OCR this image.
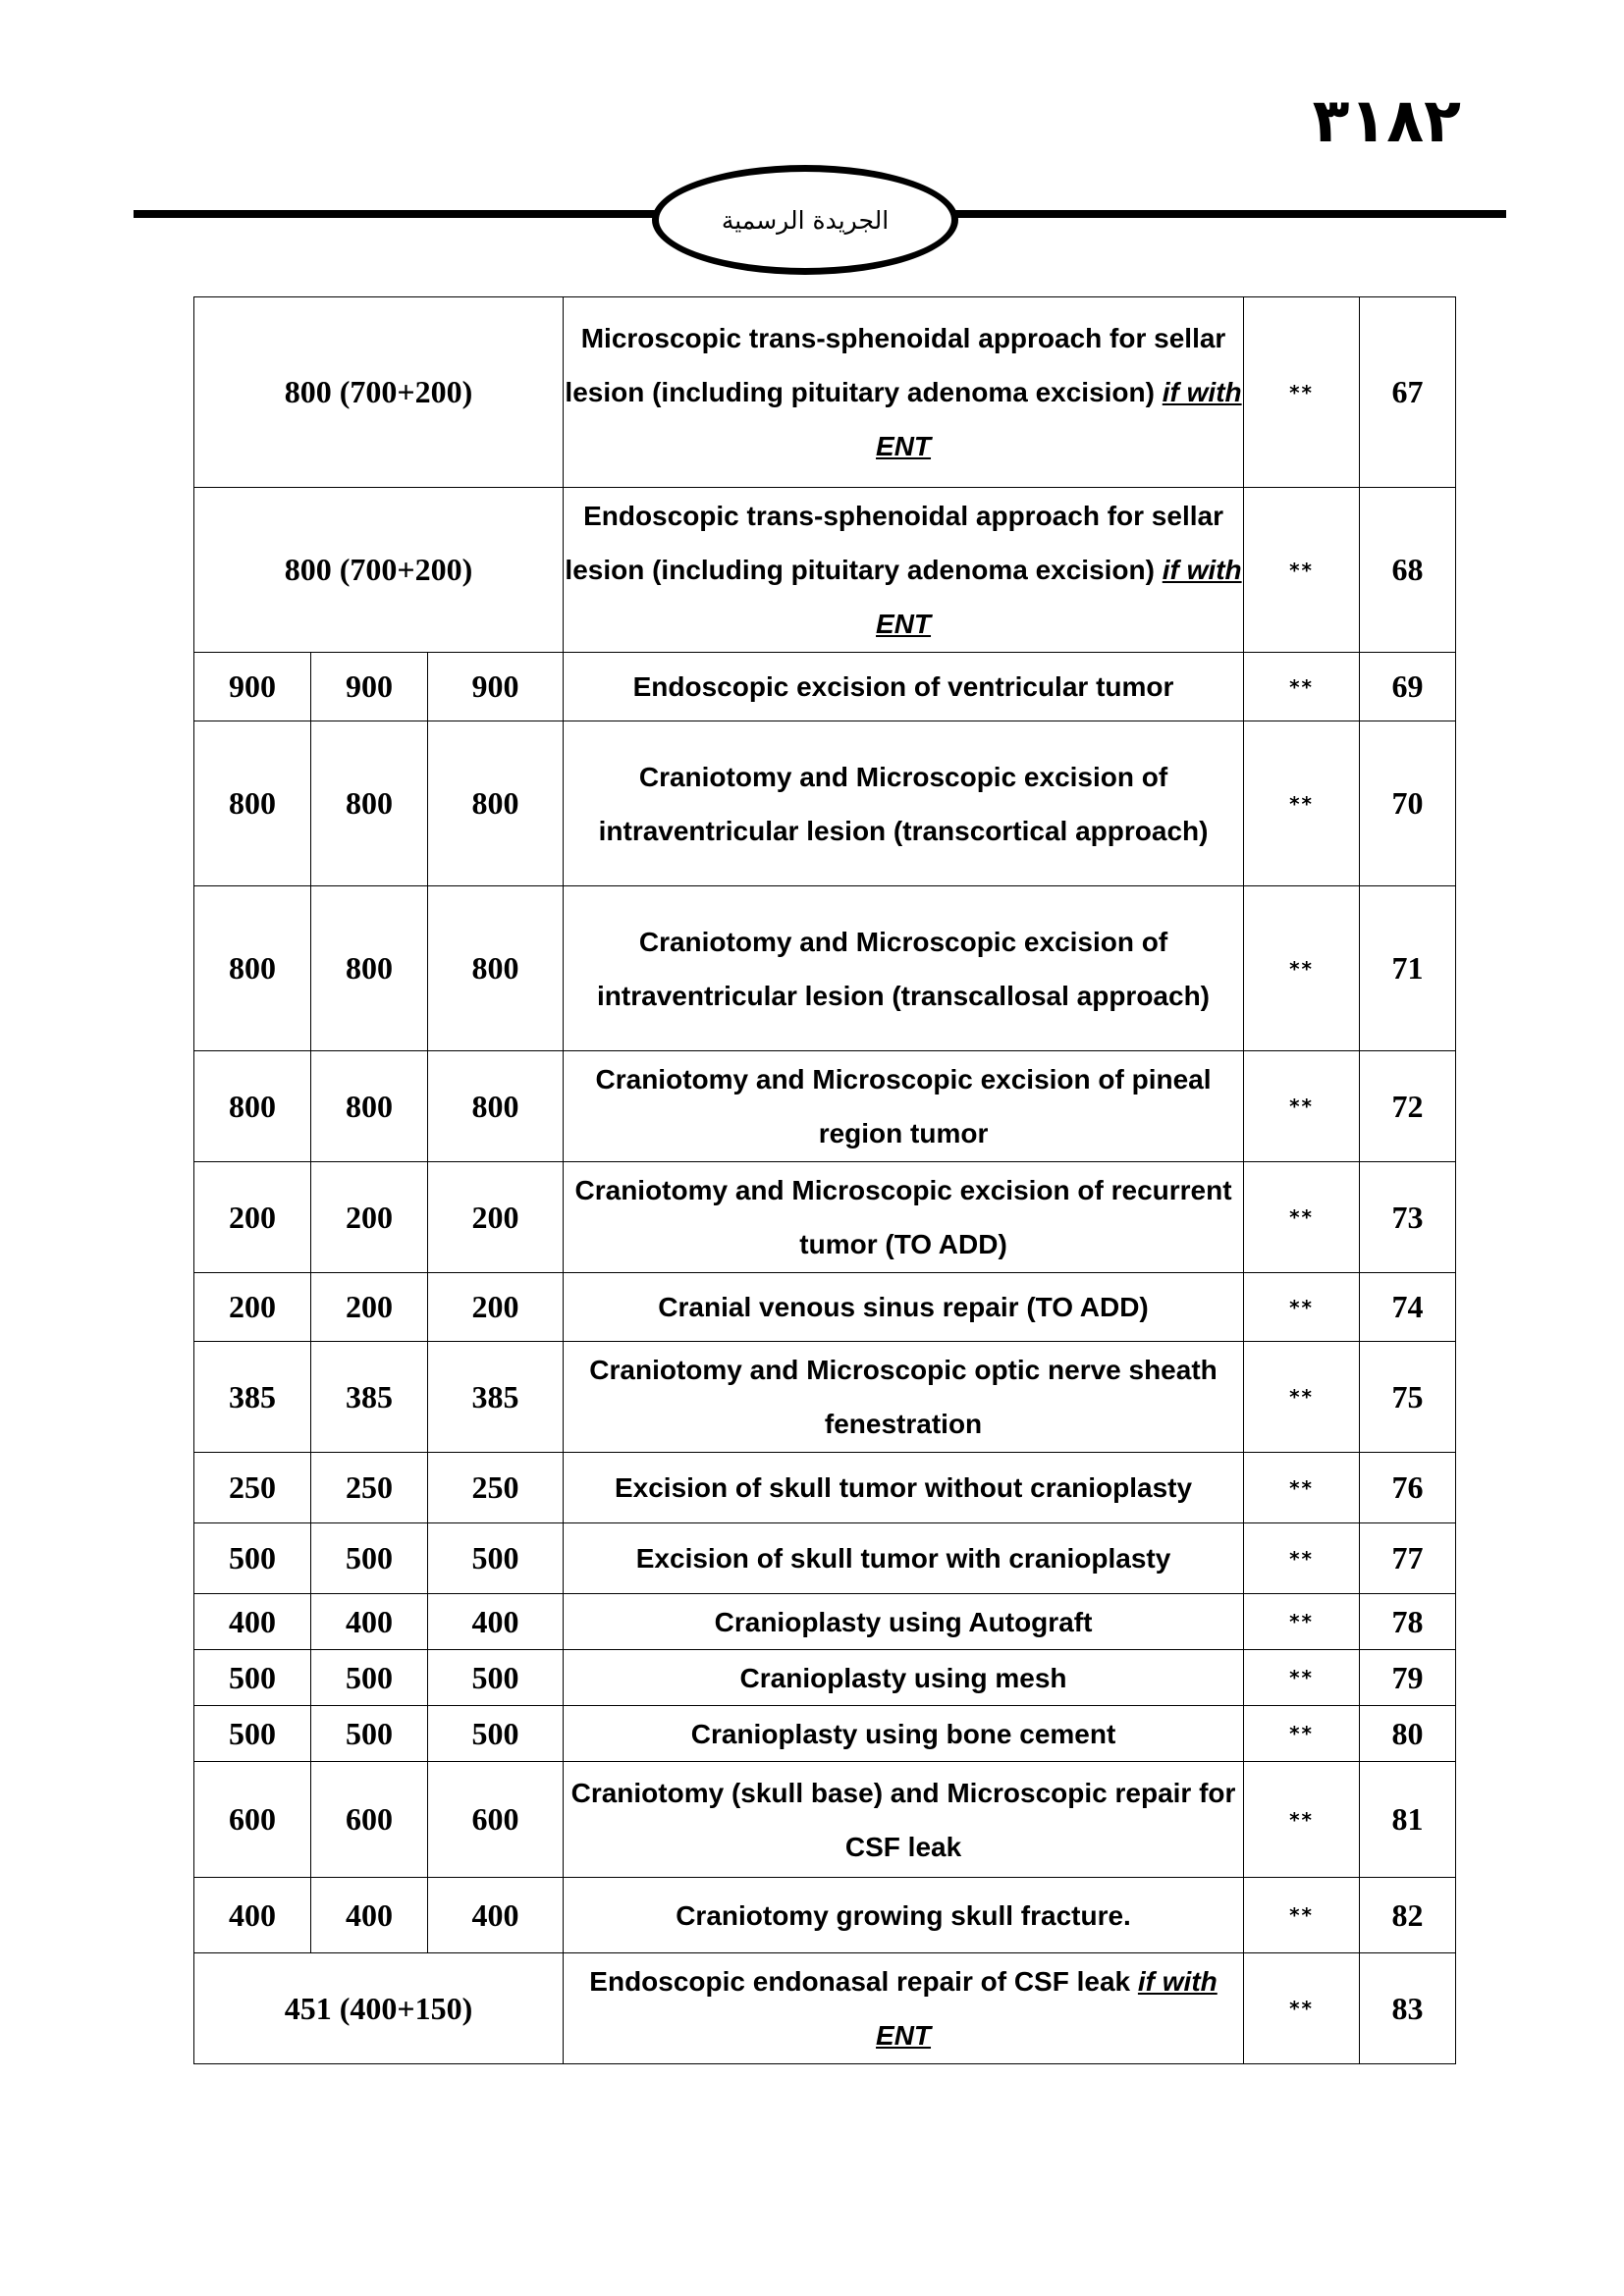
٣١٨٢
الجريدة الرسمية
800 (700+200)			Microscopic trans-sphenoidal approach for sellar lesion (including pituitary adenoma excision) if with ENT	**	67
800 (700+200)			Endoscopic trans-sphenoidal approach for sellar lesion (including pituitary adenoma excision) if with ENT	**	68
900	900	900	Endoscopic excision of ventricular tumor	**	69
800	800	800	Craniotomy and Microscopic excision of intraventricular lesion (transcortical approach)	**	70
800	800	800	Craniotomy and Microscopic excision of intraventricular lesion (transcallosal approach)	**	71
800	800	800	Craniotomy and Microscopic excision of pineal region tumor	**	72
200	200	200	Craniotomy and Microscopic excision of recurrent tumor (TO ADD)	**	73
200	200	200	Cranial venous sinus repair (TO ADD)	**	74
385	385	385	Craniotomy and Microscopic optic nerve sheath fenestration	**	75
250	250	250	Excision of skull tumor without cranioplasty	**	76
500	500	500	Excision of skull tumor with cranioplasty	**	77
400	400	400	Cranioplasty using Autograft	**	78
500	500	500	Cranioplasty using mesh	**	79
500	500	500	Cranioplasty using bone cement	**	80
600	600	600	Craniotomy (skull base) and Microscopic repair for CSF leak	**	81
400	400	400	Craniotomy growing skull fracture.	**	82
451 (400+150)			Endoscopic endonasal repair of CSF leak if with ENT	**	83
